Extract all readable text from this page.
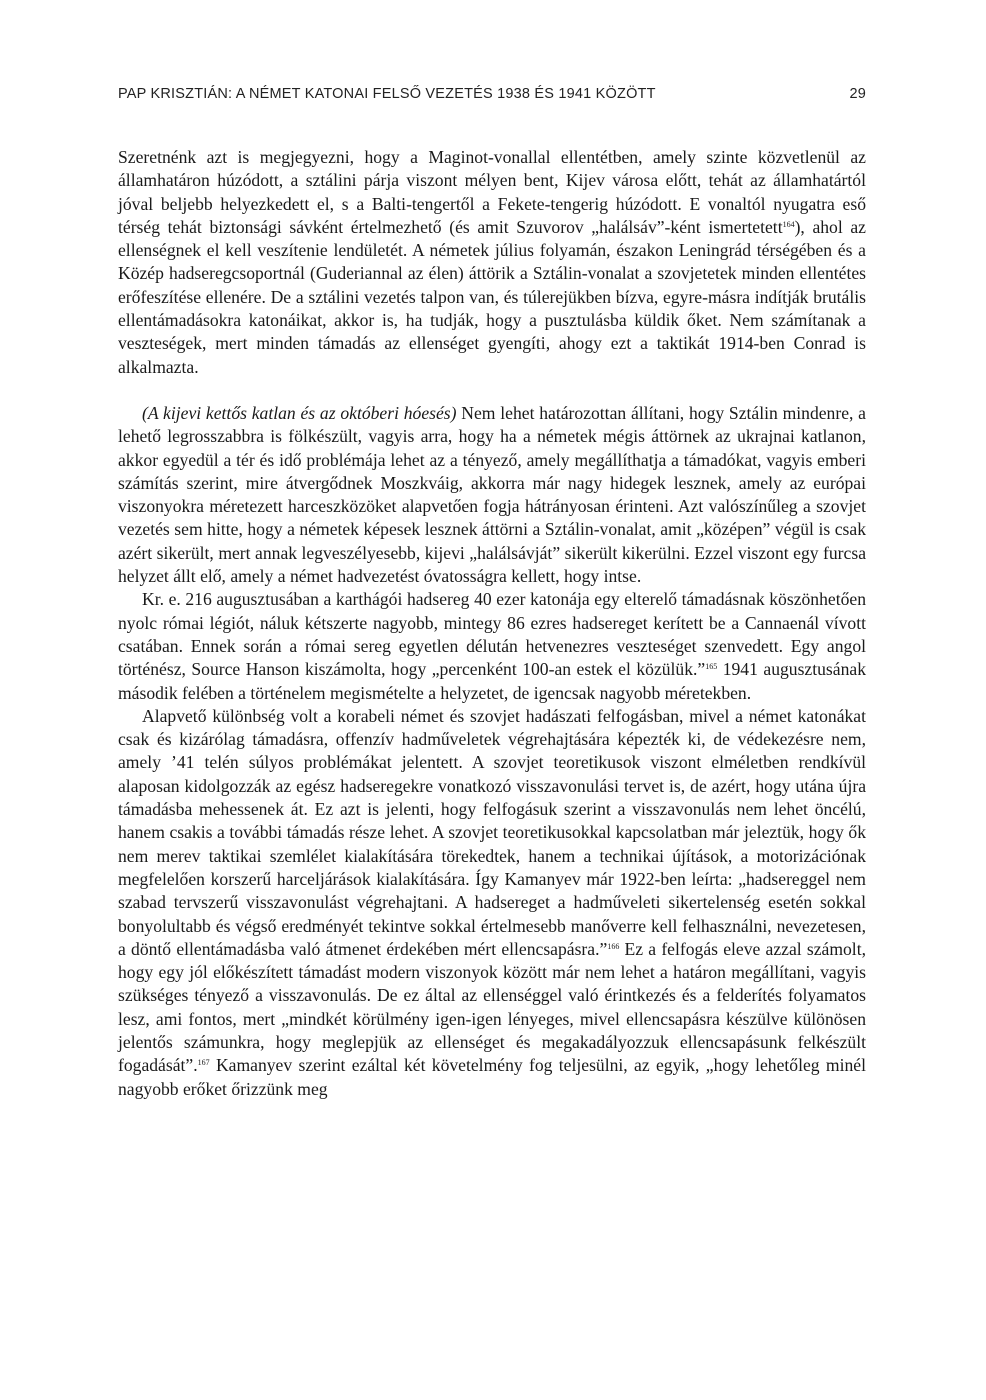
PAP KRISZTIÁN: A NÉMET KATONAI FELSŐ VEZETÉS 1938 ÉS 1941 KÖZÖTT	29

Szeretnénk azt is megjegyezni, hogy a Maginot-vonallal ellentétben, amely szinte közvetlenül az államhatáron húzódott, a sztálini párja viszont mélyen bent, Kijev városa előtt, tehát az államhatártól jóval beljebb helyezkedett el, s a Balti-tengertől a Fekete-tengerig húzódott. E vonaltól nyugatra eső térség tehát biztonsági sávként értelmezhető (és amit Szuvorov „halálsáv”-ként ismertetett$^{164}$), ahol az ellenségnek el kell veszítenie lendületét. A németek július folyamán, északon Leningrád térségében és a Közép hadseregcsoportnál (Guderiannal az élen) áttörik a Sztálin-vonalat a szovjetetek minden ellentétes erőfeszítése ellenére. De a sztálini vezetés talpon van, és túlerejükben bízva, egyre-másra indítják brutális ellentámadásokra katonáikat, akkor is, ha tudják, hogy a pusztulásba küldik őket. Nem számítanak a veszteségek, mert minden támadás az ellenséget gyengíti, ahogy ezt a taktikát 1914-ben Conrad is alkalmazta.

(A kijevi kettős katlan és az októberi hóesés) Nem lehet határozottan állítani, hogy Sztálin mindenre, a lehető legrosszabbra is fölkészült, vagyis arra, hogy ha a németek mégis áttörnek az ukrajnai katlanon, akkor egyedül a tér és idő problémája lehet az a tényező, amely megállíthatja a támadókat, vagyis emberi számítás szerint, mire átvergődnek Moszkváig, akkorra már nagy hidegek lesznek, amely az európai viszonyokra méretezett harceszközöket alapvetően fogja hátrányosan érinteni. Azt valószínűleg a szovjet vezetés sem hitte, hogy a németek képesek lesznek áttörni a Sztálin-vonalat, amit „középen” végül is csak azért sikerült, mert annak legveszélyesebb, kijevi „halálsávját” sikerült kikerülni. Ezzel viszont egy furcsa helyzet állt elő, amely a német hadvezetést óvatosságra kellett, hogy intse.

Kr. e. 216 augusztusában a karthágói hadsereg 40 ezer katonája egy elterelő támadásnak köszönhetően nyolc római légiót, náluk kétszerte nagyobb, mintegy 86 ezres hadsereget kerített be a Cannaenál vívott csatában. Ennek során a római sereg egyetlen délután hetvenezres veszteséget szenvedett. Egy angol történész, Source Hanson kiszámolta, hogy „percenként 100-an estek el közülük.”$^{165}$ 1941 augusztusának második felében a történelem megismételte a helyzetet, de igencsak nagyobb méretekben.

Alapvető különbség volt a korabeli német és szovjet hadászati felfogásban, mivel a német katonákat csak és kizárólag támadásra, offenzív hadműveletek végrehajtására képezték ki, de védekezésre nem, amely ’41 telén súlyos problémákat jelentett. A szovjet teoretikusok viszont elméletben rendkívül alaposan kidolgozzák az egész hadseregekre vonatkozó visszavonulási tervet is, de azért, hogy utána újra támadásba mehessenek át. Ez azt is jelenti, hogy felfogásuk szerint a visszavonulás nem lehet öncélú, hanem csakis a további támadás része lehet. A szovjet teoretikusokkal kapcsolatban már jeleztük, hogy ők nem merev taktikai szemlélet kialakítására törekedtek, hanem a technikai újítások, a motorizációnak megfelelően korszerű harceljárások kialakítására. Így Kamanyev már 1922-ben leírta: „hadsereggel nem szabad tervszerű visszavonulást végrehajtani. A hadsereget a hadműveleti sikertelenség esetén sokkal bonyolultabb és végső eredményét tekintve sokkal értelmesebb manőverre kell felhasználni, nevezetesen, a döntő ellentámadásba való átmenet érdekében mért ellencsapásra.”$^{166}$ Ez a felfogás eleve azzal számolt, hogy egy jól előkészített támadást modern viszonyok között már nem lehet a határon megállítani, vagyis szükséges tényező a visszavonulás. De ez által az ellenséggel való érintkezés és a felderítés folyamatos lesz, ami fontos, mert „mindkét körülmény igen-igen lényeges, mivel ellencsapásra készülve különösen jelentős számunkra, hogy meglepjük az ellenséget és megakadályozzuk ellencsapásunk felkészült fogadását”.$^{167}$ Kamanyev szerint ezáltal két követelmény fog teljesülni, az egyik, „hogy lehetőleg minél nagyobb erőket őrizzünk meg
